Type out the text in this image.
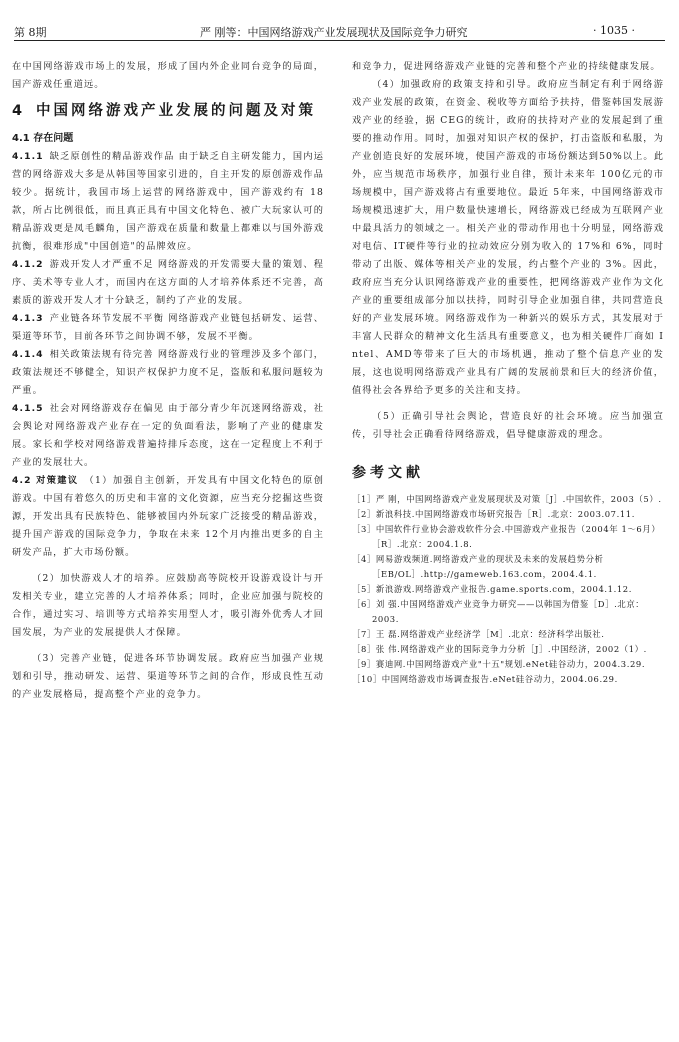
第 8期	严 刚等：中国网络游戏产业发展现状及国际竞争力研究	· 1035 ·

在中国网络游戏市场上的发展，形成了国内外企业同台竞争的局面，国产游戏任重道远。

4 中国网络游戏产业发展的问题及对策
4.1 存在问题

4.1.1 缺乏原创性的精品游戏作品 由于缺乏自主研发能力，国内运营的网络游戏大多是从韩国等国家引进的，自主开发的原创游戏作品较少。据统计，我国市场上运营的网络游戏中，国产游戏约有 18款，所占比例很低，而且真正具有中国文化特色、被广大玩家认可的精品游戏更是凤毛麟角，国产游戏在质量和数量上都难以与国外游戏抗衡，很难形成"中国创造"的品牌效应。

4.1.2 游戏开发人才严重不足 网络游戏的开发需要大量的策划、程序、美术等专业人才，而国内在这方面的人才培养体系还不完善，高素质的游戏开发人才十分缺乏，制约了产业的发展。

4.1.3 产业链各环节发展不平衡 网络游戏产业链包括研发、运营、渠道等环节，目前各环节之间协调不够，发展不平衡。

4.1.4 相关政策法规有待完善 网络游戏行业的管理涉及多个部门，政策法规还不够健全，知识产权保护力度不足，盗版和私服问题较为严重。

4.1.5 社会对网络游戏存在偏见 由于部分青少年沉迷网络游戏，社会舆论对网络游戏产业存在一定的负面看法，影响了产业的健康发展。家长和学校对网络游戏普遍持排斥态度，这在一定程度上不利于产业的发展壮大。

4.2 对策建议 （1）加强自主创新，开发具有中国文化特色的原创游戏。中国有着悠久的历史和丰富的文化资源，应当充分挖掘这些资源，开发出具有民族特色、能够被国内外玩家广泛接受的精品游戏，提升国产游戏的国际竞争力，争取在未来 12个月内推出更多的自主研发产品，扩大市场份额。

（2）加快游戏人才的培养。应鼓励高等院校开设游戏设计与开发相关专业，建立完善的人才培养体系；同时，企业应加强与院校的合作，通过实习、培训等方式培养实用型人才，吸引海外优秀人才回国发展，为产业的发展提供人才保障。

（3）完善产业链，促进各环节协调发展。政府应当加强产业规划和引导，推动研发、运营、渠道等环节之间的合作，形成良性互动的产业发展格局，提高整个产业的竞争力。

和竞争力，促进网络游戏产业链的完善和整个产业的持续健康发展。

（4）加强政府的政策支持和引导。政府应当制定有利于网络游戏产业发展的政策，在资金、税收等方面给予扶持，借鉴韩国发展游戏产业的经验，据 CEG的统计，政府的扶持对产业的发展起到了重要的推动作用。同时，加强对知识产权的保护，打击盗版和私服，为产业创造良好的发展环境，使国产游戏的市场份额达到50%以上。此外，应当规范市场秩序，加强行业自律，预计未来年 100亿元的市场规模中，国产游戏将占有重要地位。最近 5年来，中国网络游戏市场规模迅速扩大，用户数量快速增长，网络游戏已经成为互联网产业中最具活力的领域之一。相关产业的带动作用也十分明显，网络游戏对电信、IT硬件等行业的拉动效应分别为收入的 17%和 6%，同时带动了出版、媒体等相关产业的发展，约占整个产业的 3%。因此，政府应当充分认识网络游戏产业的重要性，把网络游戏产业作为文化产业的重要组成部分加以扶持，同时引导企业加强自律，共同营造良好的产业发展环境。网络游戏作为一种新兴的娱乐方式，其发展对于丰富人民群众的精神文化生活具有重要意义，也为相关硬件厂商如 Intel、AMD等带来了巨大的市场机遇，推动了整个信息产业的发展，这也说明网络游戏产业具有广阔的发展前景和巨大的经济价值，值得社会各界给予更多的关注和支持。

（5）正确引导社会舆论，营造良好的社会环境。应当加强宣传，引导社会正确看待网络游戏，倡导健康游戏的理念。

参考文献

［1］严 刚，中国网络游戏产业发展现状及对策［J］.中国软件，2003（5）.

［2］新浪科技.中国网络游戏市场研究报告［R］.北京：2003.07.11.

［3］中国软件行业协会游戏软件分会.中国游戏产业报告（2004年 1～6月）［R］.北京：2004.1.8.

［4］网易游戏频道.网络游戏产业的现状及未来的发展趋势分析［EB/OL］.http://gameweb.163.com，2004.4.1.

［5］新浪游戏.网络游戏产业报告.game.sports.com，2004.1.12.

［6］刘 强.中国网络游戏产业竞争力研究——以韩国为借鉴［D］.北京：2003.

［7］王 磊.网络游戏产业经济学［M］.北京：经济科学出版社.

［8］张 伟.网络游戏产业的国际竞争力分析［J］.中国经济，2002（1）.

［9］赛迪网.中国网络游戏产业"十五"规划.eNet硅谷动力，2004.3.29.

［10］中国网络游戏市场调查报告.eNet硅谷动力，2004.06.29.
